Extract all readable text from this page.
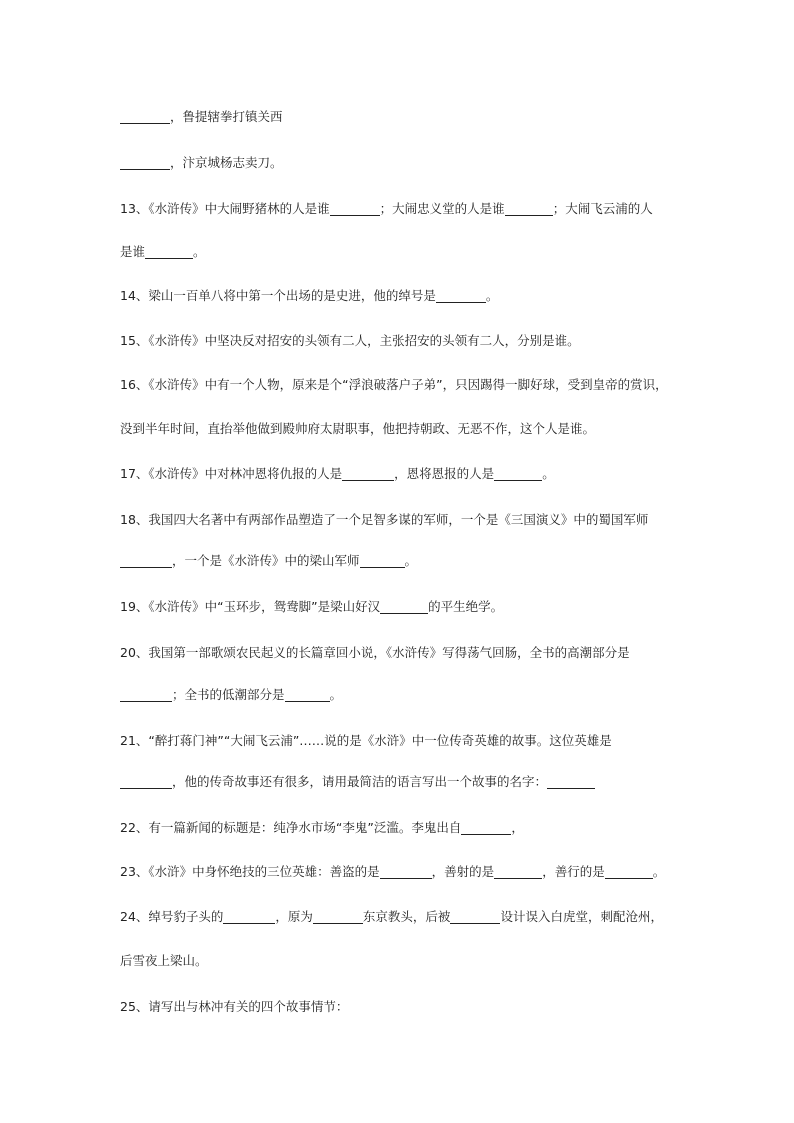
，鲁提辖拳打镇关西
，汴京城杨志卖刀。
13、《水浒传》中大闹野猪林的人是谁	；大闹忠义堂的人是谁	；大闹飞云浦的人
是谁	。
14、梁山一百单八将中第一个出场的是史进，他的绰号是	。
15、《水浒传》中坚决反对招安的头领有二人，主张招安的头领有二人，分别是谁。
16、《水浒传》中有一个人物，原来是个“浮浪破落户子弟”，只因踢得一脚好球，受到皇帝的赏识，
没到半年时间，直抬举他做到殿帅府太尉职事，他把持朝政、无恶不作，这个人是谁。
17、《水浒传》中对林冲恩将仇报的人是	，恩将恩报的人是	。
18、我国四大名著中有两部作品塑造了一个足智多谋的军师，一个是《三国演义》中的蜀国军师
，一个是《水浒传》中的梁山军师	。
19、《水浒传》中“玉环步，鸳鸯脚”是梁山好汉	的平生绝学。
20、我国第一部歌颂农民起义的长篇章回小说，《水浒传》写得荡气回肠，全书的高潮部分是
；全书的低潮部分是	。
21、“醉打蒋门神”“大闹飞云浦”……说的是《水浒》中一位传奇英雄的故事。这位英雄是
，他的传奇故事还有很多，请用最简洁的语言写出一个故事的名字：
22、有一篇新闻的标题是：纯净水市场“李鬼”泛滥。李鬼出自	，
23、《水浒》中身怀绝技的三位英雄：善盗的是	，善射的是	，善行的是	。
24、绰号豹子头的	，原为	东京教头，后被	设计误入白虎堂，刺配沧州，
后雪夜上梁山。
25、请写出与林冲有关的四个故事情节：
